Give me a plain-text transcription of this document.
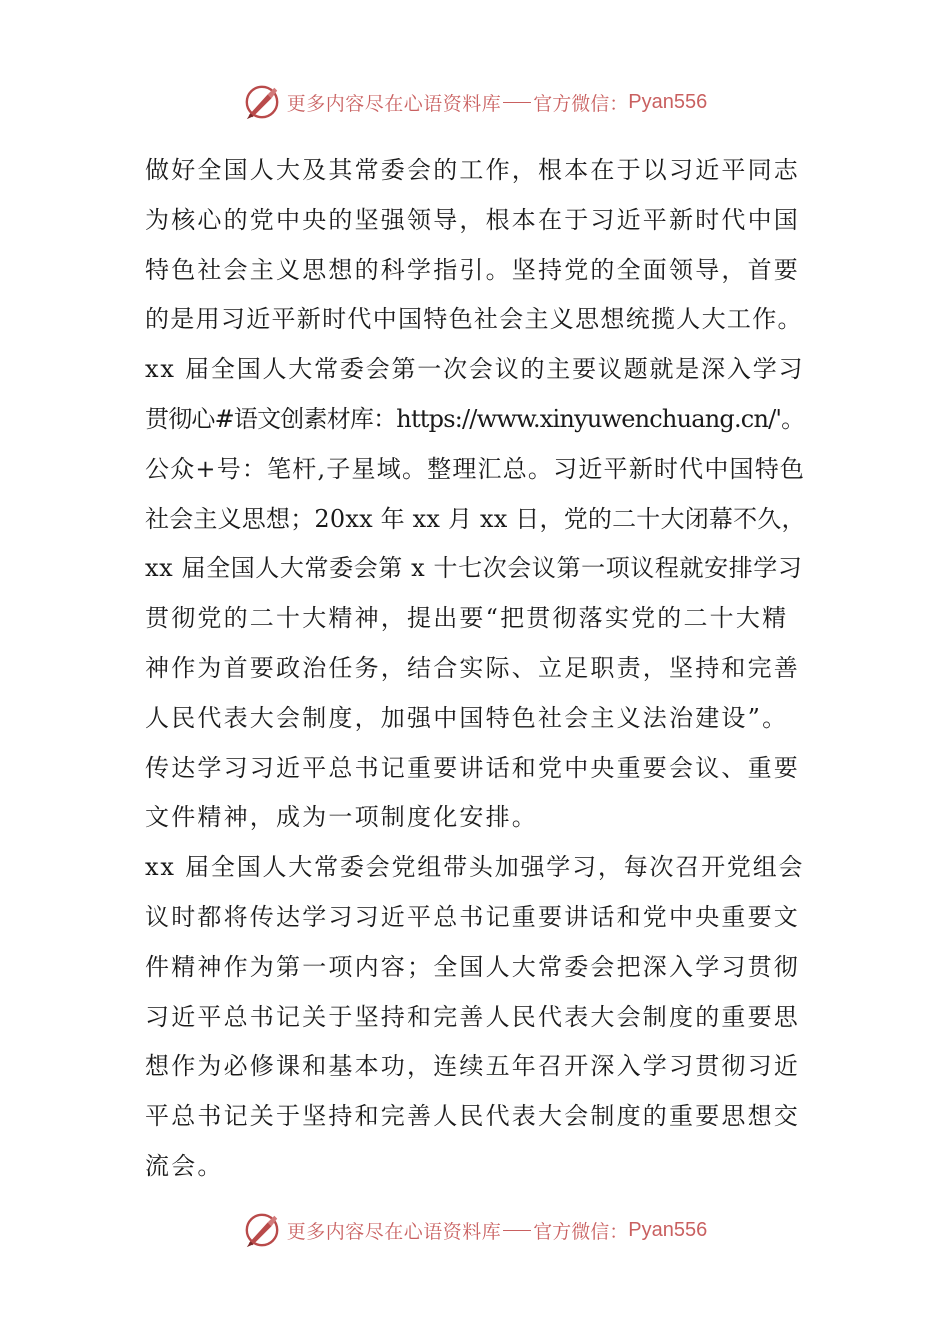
更多内容尽在心语资料库 官方微信： Pyan556
做好全国人大及其常委会的工作，根本在于以习近平同志
为核心的党中央的坚强领导，根本在于习近平新时代中国
特色社会主义思想的科学指引。坚持党的全面领导，首要
的是用习近平新时代中国特色社会主义思想统揽人大工作。
xx 届全国人大常委会第一次会议的主要议题就是深入学习
贯彻心#语文创素材库：https://www.xinyuwenchuang.cn/'。
公众+号：笔杆,子星域。整理汇总。习近平新时代中国特色
社会主义思想；20xx 年 xx 月 xx 日，党的二十大闭幕不久，
xx 届全国人大常委会第 x 十七次会议第一项议程就安排学习
贯彻党的二十大精神，提出要“把贯彻落实党的二十大精
神作为首要政治任务，结合实际、立足职责，坚持和完善
人民代表大会制度，加强中国特色社会主义法治建设”。
传达学习习近平总书记重要讲话和党中央重要会议、重要
文件精神，成为一项制度化安排。
xx 届全国人大常委会党组带头加强学习，每次召开党组会
议时都将传达学习习近平总书记重要讲话和党中央重要文
件精神作为第一项内容；全国人大常委会把深入学习贯彻
习近平总书记关于坚持和完善人民代表大会制度的重要思
想作为必修课和基本功，连续五年召开深入学习贯彻习近
平总书记关于坚持和完善人民代表大会制度的重要思想交
流会。
更多内容尽在心语资料库 官方微信： Pyan556
